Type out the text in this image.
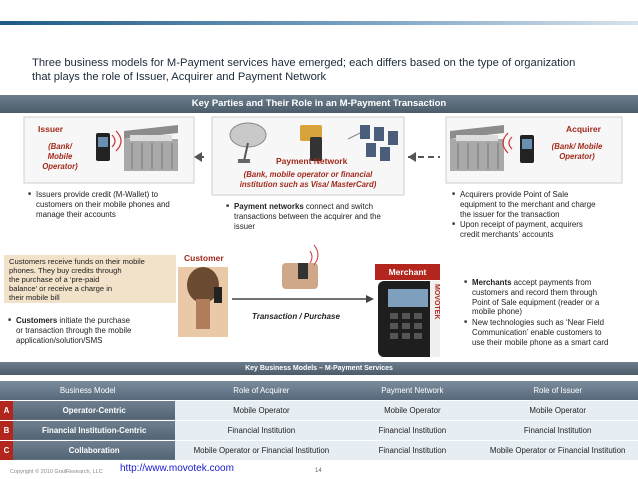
Three business models for M-Payment services have emerged; each differs based on the type of organization
that plays the role of Issuer, Acquirer and Payment Network
Key Parties and Their Role in an M-Payment Transaction
Issuer
(Bank/
Mobile
Operator)
■ Issuers provide credit (M-Wallet) to
customers on their mobile phones and
manage their accounts
Payment Network
(Bank, mobile operator or financial
institution such as Visa/ MasterCard)
■ Payment networks connect and switch
transactions between the acquirer and the
issuer
Acquirer
(Bank/ Mobile
Operator)
■ Acquirers provide Point of Sale
equipment to the merchant and charge
the issuer for the transaction
■ Upon receipt of payment, acquirers
credit merchants’ accounts
Customers receive funds on their mobile
phones. They buy credits through
the purchase of a ‘pre-paid
balance’ or receive a charge in
their mobile bill
Customer
■ Customers initiate the purchase
or transaction through the mobile
application/solution/SMS
Transaction / Purchase
Merchant
MOVOTEK
■ Merchants accept payments from
customers and record them through
Point of Sale equipment (reader or a
mobile phone)
■ New technologies such as ‘Near Field
Communication’ enable customers to
use their mobile phone as a smart card
Key Business Models – M-Payment Services
Business Model		Role of Acquirer	Payment Network	Role of Issuer
A	Operator-Centric	Mobile Operator	Mobile Operator	Mobile Operator
B	Financial Institution-Centric	Financial Institution	Financial Institution	Financial Institution
C	Collaboration	Mobile Operator or Financial Institution	Financial Institution	Mobile Operator or Financial Institution
Copyright © 2010 GrailResearch, LLC http://www.movotek.coom	14
